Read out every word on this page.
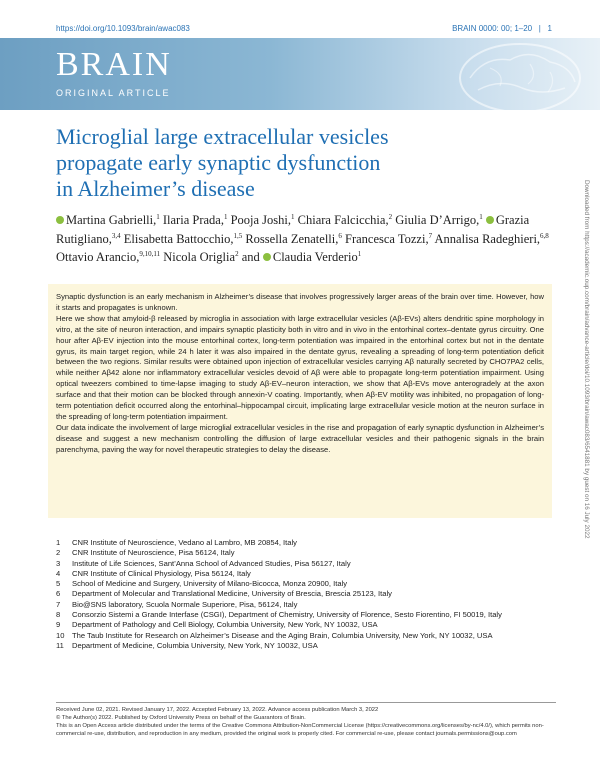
https://doi.org/10.1093/brain/awac083	BRAIN 0000: 00; 1–20 | 1
BRAIN
ORIGINAL ARTICLE
Microglial large extracellular vesicles
propagate early synaptic dysfunction
in Alzheimer’s disease
Martina Gabrielli,$^1$ Ilaria Prada,$^1$ Pooja Joshi,$^1$ Chiara Falcicchia,$^2$ Giulia D’Arrigo,$^1$ Grazia Rutigliano,$^{3,4}$ Elisabetta Battocchio,$^{1,5}$ Rossella Zenatelli,$^6$ Francesca Tozzi,$^7$ Annalisa Radeghieri,$^{6,8}$ Ottavio Arancio,$^{9,10,11}$ Nicola Origlia$^2$ and Claudia Verderio$^1$

Synaptic dysfunction is an early mechanism in Alzheimer’s disease that involves progressively larger areas of the brain over time. However, how it starts and propagates is unknown.

Here we show that amyloid-β released by microglia in association with large extracellular vesicles (Aβ-EVs) alters dendritic spine morphology in vitro, at the site of neuron interaction, and impairs synaptic plasticity both in vitro and in vivo in the entorhinal cortex–dentate gyrus circuitry. One hour after Aβ-EV injection into the mouse entorhinal cortex, long-term potentiation was impaired in the entorhinal cortex but not in the dentate gyrus, its main target region, while 24 h later it was also impaired in the dentate gyrus, revealing a spreading of long-term potentiation deficit between the two regions. Similar results were obtained upon injection of extracellular vesicles carrying Aβ naturally secreted by CHO7PA2 cells, while neither Aβ42 alone nor inflammatory extracellular vesicles devoid of Aβ were able to propagate long-term potentiation impairment. Using optical tweezers combined to time-lapse imaging to study Aβ-EV–neuron interaction, we show that Aβ-EVs move anterogradely at the axon surface and that their motion can be blocked through annexin-V coating. Importantly, when Aβ-EV motility was inhibited, no propagation of long-term potentiation deficit occurred along the entorhinal–hippocampal circuit, implicating large extracellular vesicle motion at the neuron surface in the spreading of long-term potentiation impairment.

Our data indicate the involvement of large microglial extracellular vesicles in the rise and propagation of early synaptic dysfunction in Alzheimer’s disease and suggest a new mechanism controlling the diffusion of large extracellular vesicles and their pathogenic signals in the brain parenchyma, paving the way for novel therapeutic strategies to delay the disease.

1	CNR Institute of Neuroscience, Vedano al Lambro, MB 20854, Italy
2	CNR Institute of Neuroscience, Pisa 56124, Italy
3	Institute of Life Sciences, Sant’Anna School of Advanced Studies, Pisa 56127, Italy
4	CNR Institute of Clinical Physiology, Pisa 56124, Italy
5	School of Medicine and Surgery, University of Milano-Bicocca, Monza 20900, Italy
6	Department of Molecular and Translational Medicine, University of Brescia, Brescia 25123, Italy
7	Bio@SNS laboratory, Scuola Normale Superiore, Pisa, 56124, Italy
8	Consorzio Sistemi a Grande Interfase (CSGI), Department of Chemistry, University of Florence, Sesto Fiorentino, FI 50019, Italy
9	Department of Pathology and Cell Biology, Columbia University, New York, NY 10032, USA
10 The Taub Institute for Research on Alzheimer’s Disease and the Aging Brain, Columbia University, New York, NY 10032, USA
11	Department of Medicine, Columbia University, New York, NY 10032, USA
Received June 02, 2021. Revised January 17, 2022. Accepted February 13, 2022. Advance access publication March 3, 2022
© The Author(s) 2022. Published by Oxford University Press on behalf of the Guarantors of Brain.
This is an Open Access article distributed under the terms of the Creative Commons Attribution-NonCommercial License (https://creativecommons.org/licenses/by-nc/4.0/), which permits non-commercial re-use, distribution, and reproduction in any medium, provided the original work is properly cited. For commercial re-use, please contact journals.permissions@oup.com
Downloaded from https://academic.oup.com/brain/advance-article/doi/10.1093/brain/awac083/6541881 by guest on 16 July 2022
